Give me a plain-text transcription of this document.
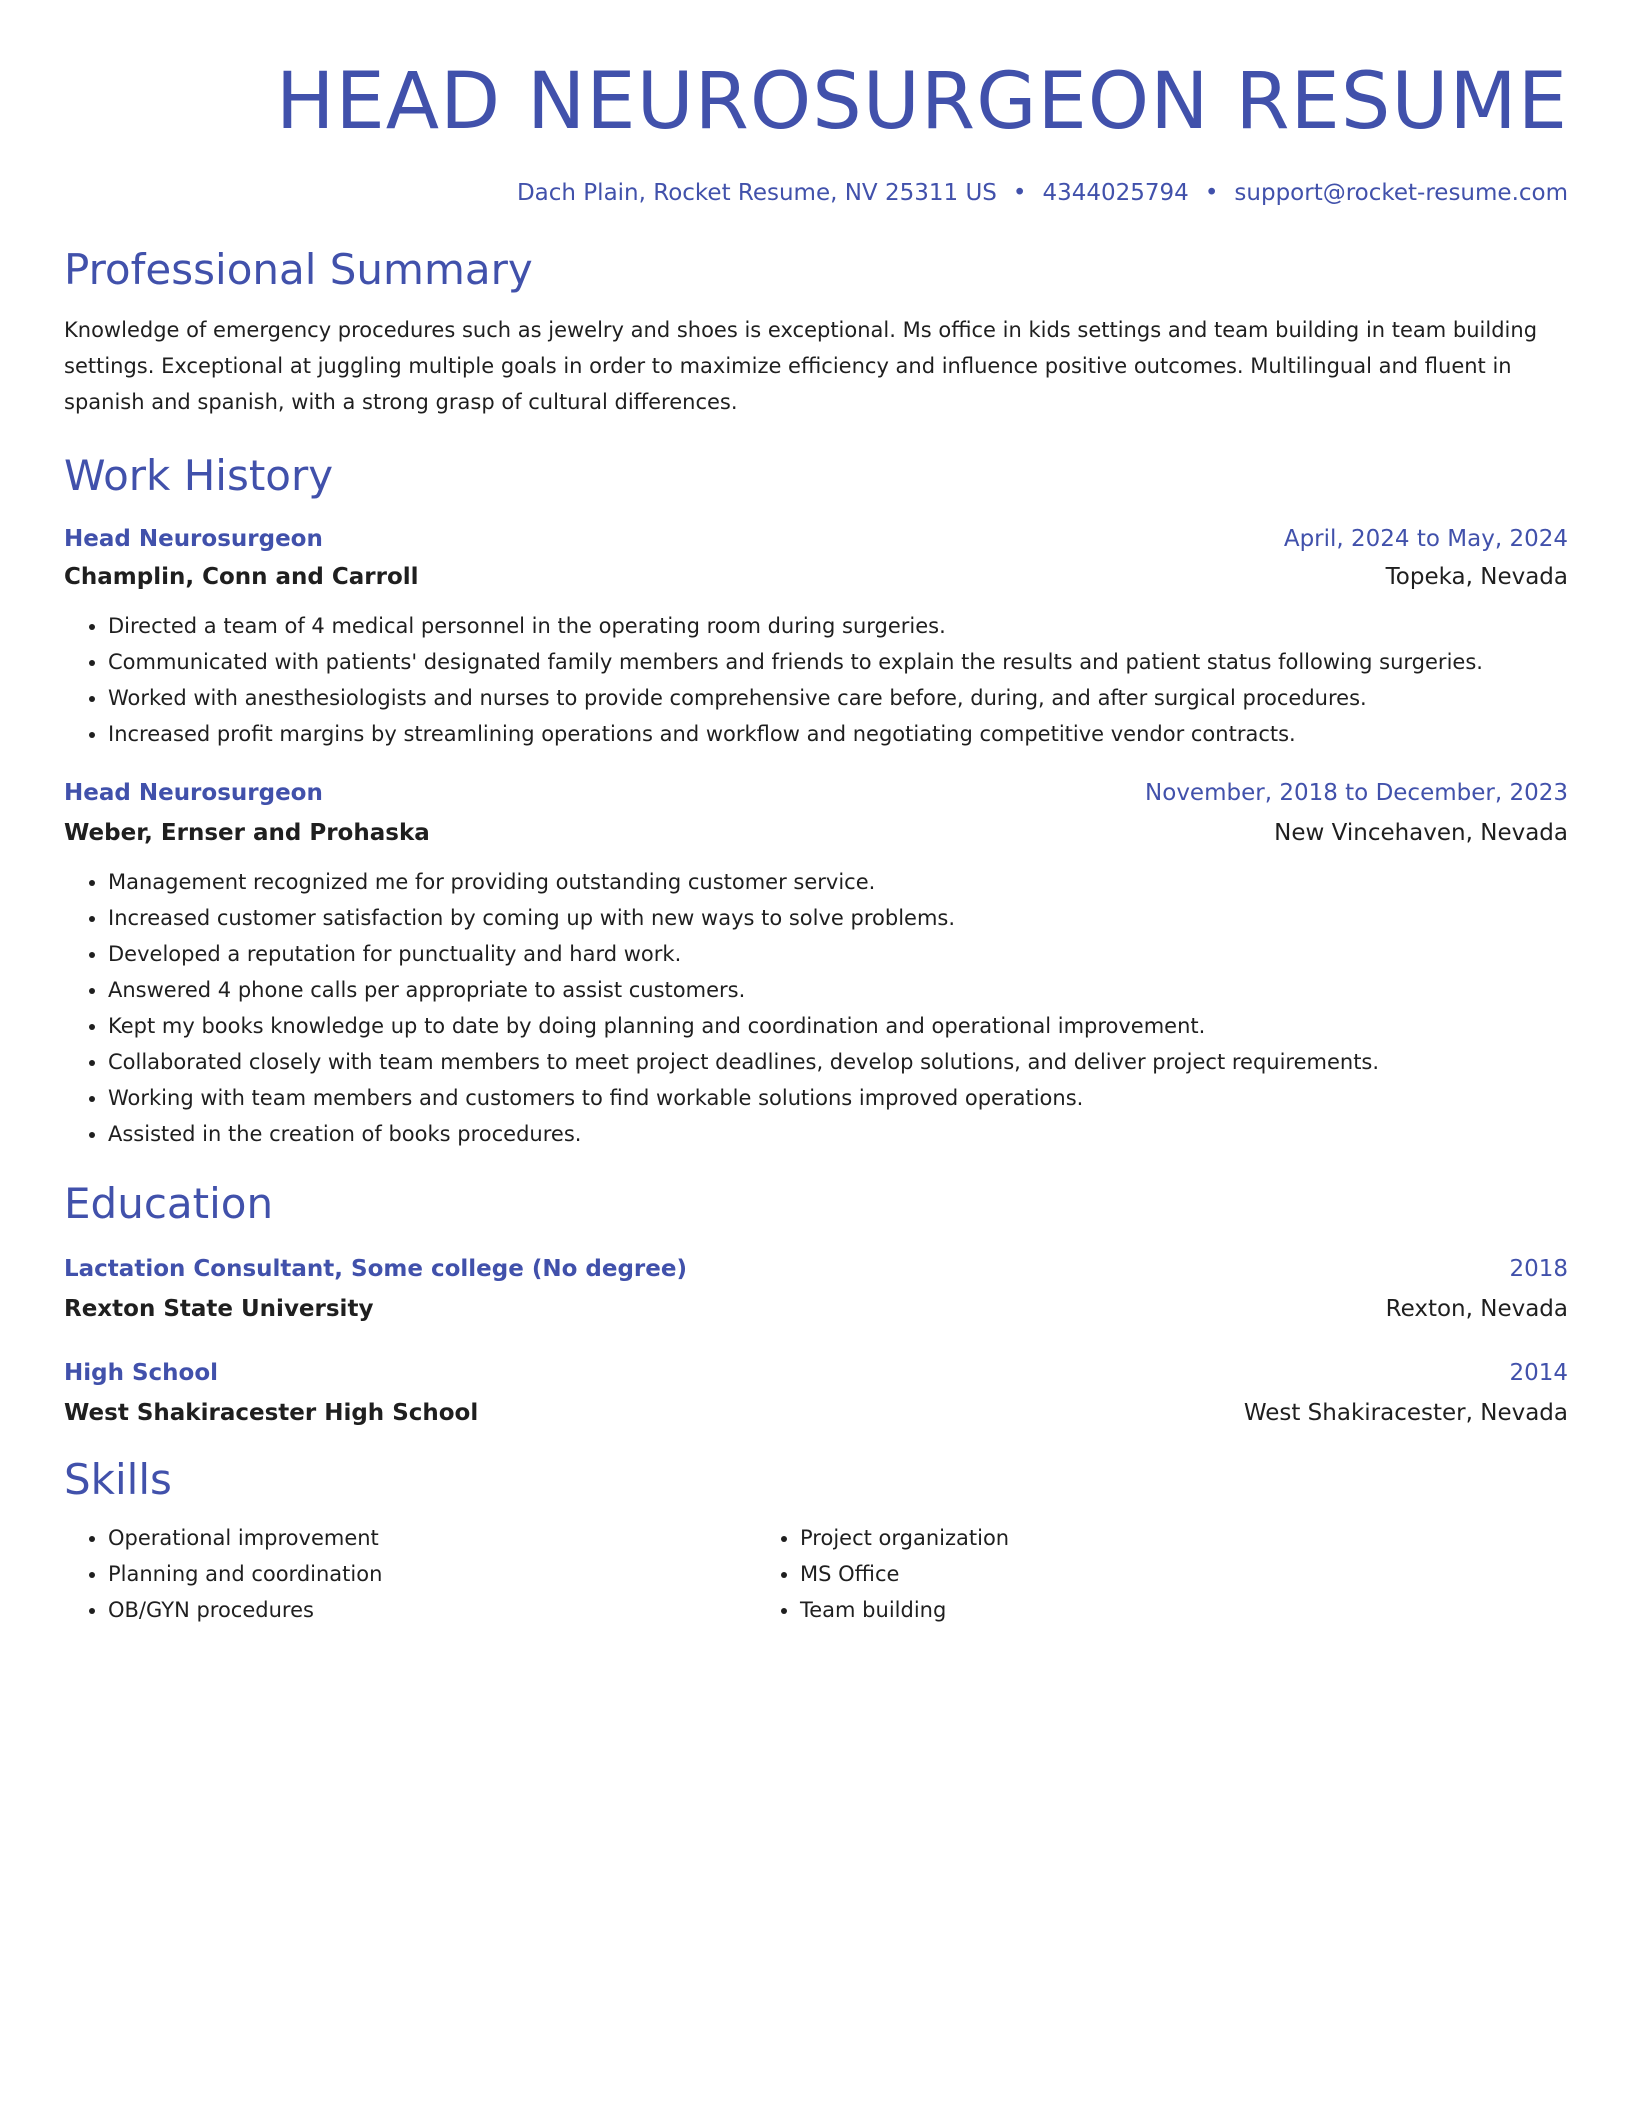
HEAD NEUROSURGEON RESUME
Dach Plain, Rocket Resume, NV 25311 US • 4344025794 • support@rocket-resume.com
Professional Summary

Knowledge of emergency procedures such as jewelry and shoes is exceptional. Ms office in kids settings and team building in team building settings. Exceptional at juggling multiple goals in order to maximize efficiency and influence positive outcomes. Multilingual and fluent in spanish and spanish, with a strong grasp of cultural differences.

Work History
Head Neurosurgeon	April, 2024 to May, 2024
Champlin, Conn and Carroll	Topeka, Nevada
• Directed a team of 4 medical personnel in the operating room during surgeries.
• Communicated with patients' designated family members and friends to explain the results and patient status following surgeries.
• Worked with anesthesiologists and nurses to provide comprehensive care before, during, and after surgical procedures.
• Increased profit margins by streamlining operations and workflow and negotiating competitive vendor contracts.
Head Neurosurgeon	November, 2018 to December, 2023
Weber, Ernser and Prohaska	New Vincehaven, Nevada
• Management recognized me for providing outstanding customer service.
• Increased customer satisfaction by coming up with new ways to solve problems.
• Developed a reputation for punctuality and hard work.
• Answered 4 phone calls per appropriate to assist customers.
• Kept my books knowledge up to date by doing planning and coordination and operational improvement.
• Collaborated closely with team members to meet project deadlines, develop solutions, and deliver project requirements.
• Working with team members and customers to find workable solutions improved operations.
• Assisted in the creation of books procedures.
Education
Lactation Consultant, Some college (No degree)	2018
Rexton State University	Rexton, Nevada
High School	2014
West Shakiracester High School	West Shakiracester, Nevada
Skills
• Operational improvement
• Planning and coordination
• OB/GYN procedures
• Project organization
• MS Office
• Team building
